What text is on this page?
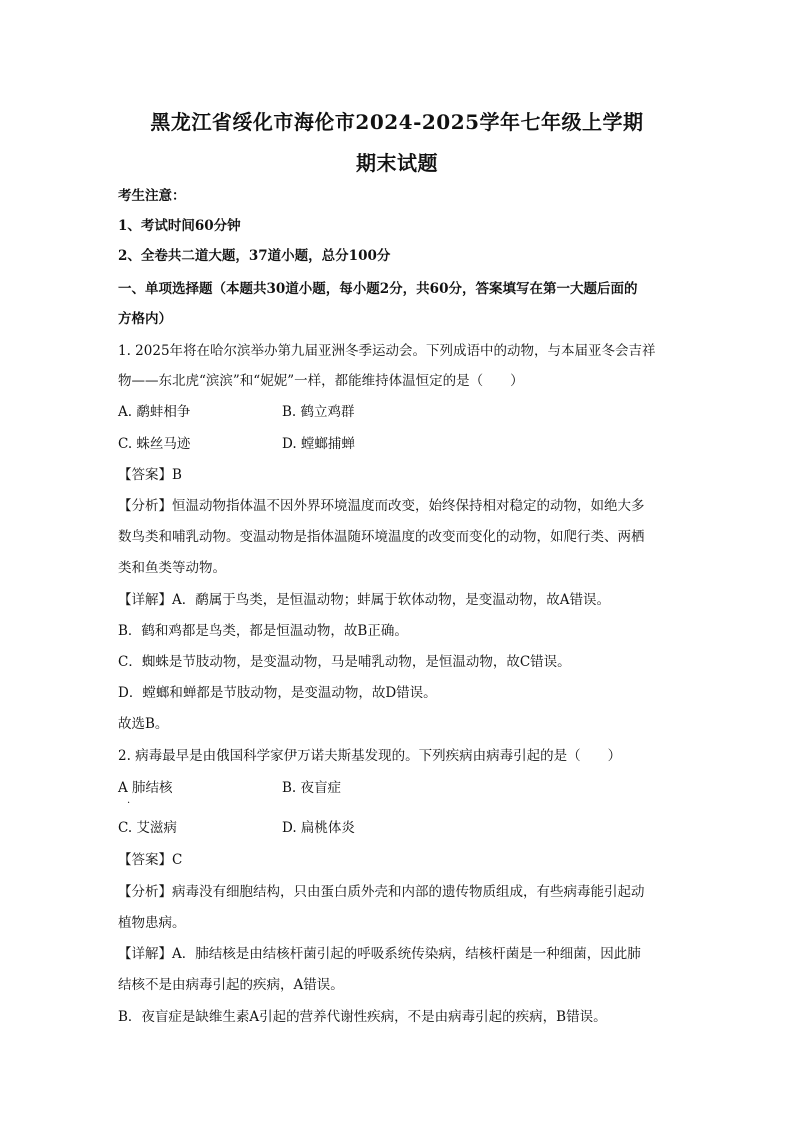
黑龙江省绥化市海伦市2024-2025学年七年级上学期
期末试题
考生注意：
1、考试时间60分钟
2、全卷共二道大题，37道小题，总分100分
一、单项选择题（本题共30道小题，每小题2分，共60分，答案填写在第一大题后面的
方格内）
1. 2025年将在哈尔滨举办第九届亚洲冬季运动会。下列成语中的动物，与本届亚冬会吉祥
物——东北虎“滨滨”和“妮妮”一样，都能维持体温恒定的是（　　）
A. 鹬蚌相争	B. 鹤立鸡群
C. 蛛丝马迹	D. 螳螂捕蝉
【答案】B
【分析】恒温动物指体温不因外界环境温度而改变，始终保持相对稳定的动物，如绝大多
数鸟类和哺乳动物。变温动物是指体温随环境温度的改变而变化的动物，如爬行类、两栖
类和鱼类等动物。
【详解】A．鹬属于鸟类，是恒温动物；蚌属于软体动物，是变温动物，故A错误。
B．鹤和鸡都是鸟类，都是恒温动物，故B正确。
C．蜘蛛是节肢动物，是变温动物，马是哺乳动物，是恒温动物，故C错误。
D．螳螂和蝉都是节肢动物，是变温动物，故D错误。
故选B。
2. 病毒最早是由俄国科学家伊万诺夫斯基发现的。下列疾病由病毒引起的是（　　）
A 肺结核
.
B. 夜盲症
C. 艾滋病	D. 扁桃体炎
【答案】C
【分析】病毒没有细胞结构，只由蛋白质外壳和内部的遗传物质组成，有些病毒能引起动
植物患病。
【详解】A．肺结核是由结核杆菌引起的呼吸系统传染病，结核杆菌是一种细菌，因此肺
结核不是由病毒引起的疾病，A错误。
B．夜盲症是缺维生素A引起的营养代谢性疾病，不是由病毒引起的疾病，B错误。
